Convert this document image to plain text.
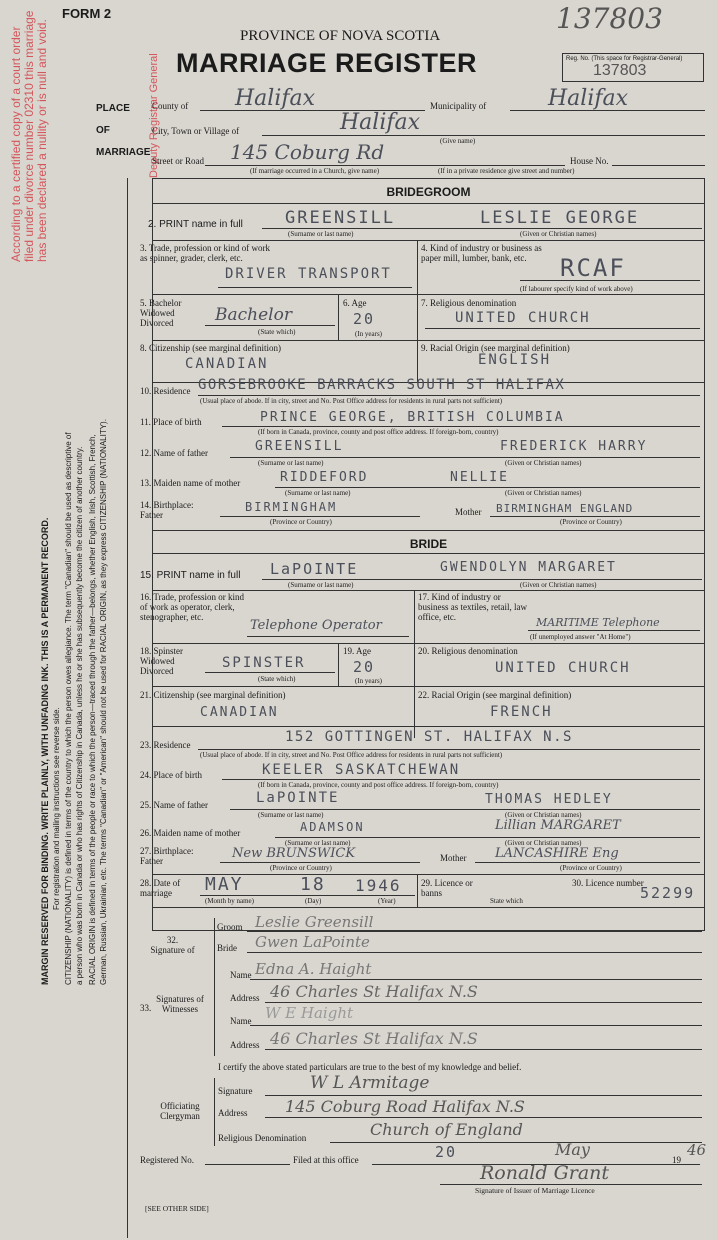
MARGIN RESERVED FOR BINDING. WRITE PLAINLY, WITH UNFADING INK. THIS IS A PERMANENT RECORD. For registration and mailing instructions see reverse side. CITIZENSHIP (NATIONALITY) is defined in terms of the country to which the person owes allegiance. The term "Canadian" should be used as descriptive of a person who was born in Canada or who has rights of Citizenship in Canada, unless he or she has subsequently become the citizen of another country. RACIAL ORIGIN is defined in terms of the people or race to which the person—traced through the father—belongs, whether English, Irish, Scottish, French, German, Russian, Ukrainian, etc. The terms "Canadian" or "American" should not be used for RACIAL ORIGIN, as they express CITIZENSHIP (NATIONALITY).
According to a certified copy of a court order filed under divorce number 02310 this marriage has been declared a nullity or is null and void.	Deputy Registrar General
FORM 2
PROVINCE OF NOVA SCOTIA
MARRIAGE REGISTER	Reg. No. (This space for Registrar-General)
137803
137803
PLACE OF MARRIAGE
County of Halifax	Municipality of	Halifax
City, Town or Village of	Halifax
(Give name)
Street or Road 145 Coburg Rd	House No.
(If marriage occurred in a Church, give name)	(If in a private residence give street and number)
BRIDEGROOM
2. PRINT name in full GREENSILL	LESLIE GEORGE
(Surname or last name)	(Given or Christian names)
3. Trade, profession or kind of work as spinner, grader, clerk, etc.
DRIVER TRANSPORT
4. Kind of industry or business as paper mill, lumber, bank, etc.	RCAF
(If labourer specify kind of work above)
5. Bachelor Widowed Divorced	Bachelor
(State which)
6. Age
20
(In years)
7. Religious denomination
UNITED CHURCH
8. Citizenship (see marginal definition)
CANADIAN
9. Racial Origin (see marginal definition)
ENGLISH
10. Residence GORSEBROOKE BARRACKS SOUTH ST HALIFAX
(Usual place of abode. If in city, street and No. Post Office address for residents in rural parts not sufficient)
11. Place of birth	PRINCE GEORGE, BRITISH COLUMBIA
(If born in Canada, province, county and post office address. If foreign-born, country)
12. Name of father	GREENSILL	FREDERICK HARRY
(Surname or last name)	(Given or Christian names)
13. Maiden name of mother	RIDDEFORD	NELLIE
(Surname or last name)	(Given or Christian names)
14. Birthplace: Father
BIRMINGHAM
(Province or Country)
Mother BIRMINGHAM ENGLAND
(Province or Country)
BRIDE
15. PRINT name in full LaPOINTE	GWENDOLYN MARGARET
(Surname or last name)	(Given or Christian names)
16. Trade, profession or kind of work as operator, clerk, stenographer, etc.
Telephone Operator
17. Kind of industry or business as textiles, retail, law office, etc.	MARITIME Telephone
(If unemployed answer "At Home")
18. Spinster Widowed Divorced	SPINSTER
(State which)
19. Age
20
(In years)
20. Religious denomination
UNITED CHURCH
21. Citizenship (see marginal definition)
CANADIAN
22. Racial Origin (see marginal definition)
FRENCH
23. Residence	152 GOTTINGEN ST. HALIFAX N.S
(Usual place of abode. If in city, street and No. Post Office address for residents in rural parts not sufficient)
24. Place of birth	KEELER SASKATCHEWAN
(If born in Canada, province, county and post office address. If foreign-born, country)
25. Name of father	LaPOINTE	THOMAS HEDLEY
(Surname or last name)	(Given or Christian names)
26. Maiden name of mother	ADAMSON	Lillian MARGARET
(Surname or last name)	(Given or Christian names)
27. Birthplace: Father	New BRUNSWICK
(Province or Country)
Mother LANCASHIRE Eng
(Province or Country)
28. Date of marriage	MAY	18 1946
(Month by name)	(Day)	(Year)
29. Licence or banns
State which
30. Licence number
52299
32. Signature of
Groom Leslie Greensill
Bride Gwen LaPointe
Signatures of Witnesses
33.
Name Edna A. Haight
Address 46 Charles St Halifax N.S
Name W E Haight
Address 46 Charles St Halifax N.S
I certify the above stated particulars are true to the best of my knowledge and belief.
Officiating Clergyman
Signature	W L Armitage
Address 145 Coburg Road Halifax N.S
Religious Denomination	Church of England
Registered No.	Filed at this office	20	May
19
46
Ronald Grant
Signature of Issuer of Marriage Licence
[SEE OTHER SIDE]
